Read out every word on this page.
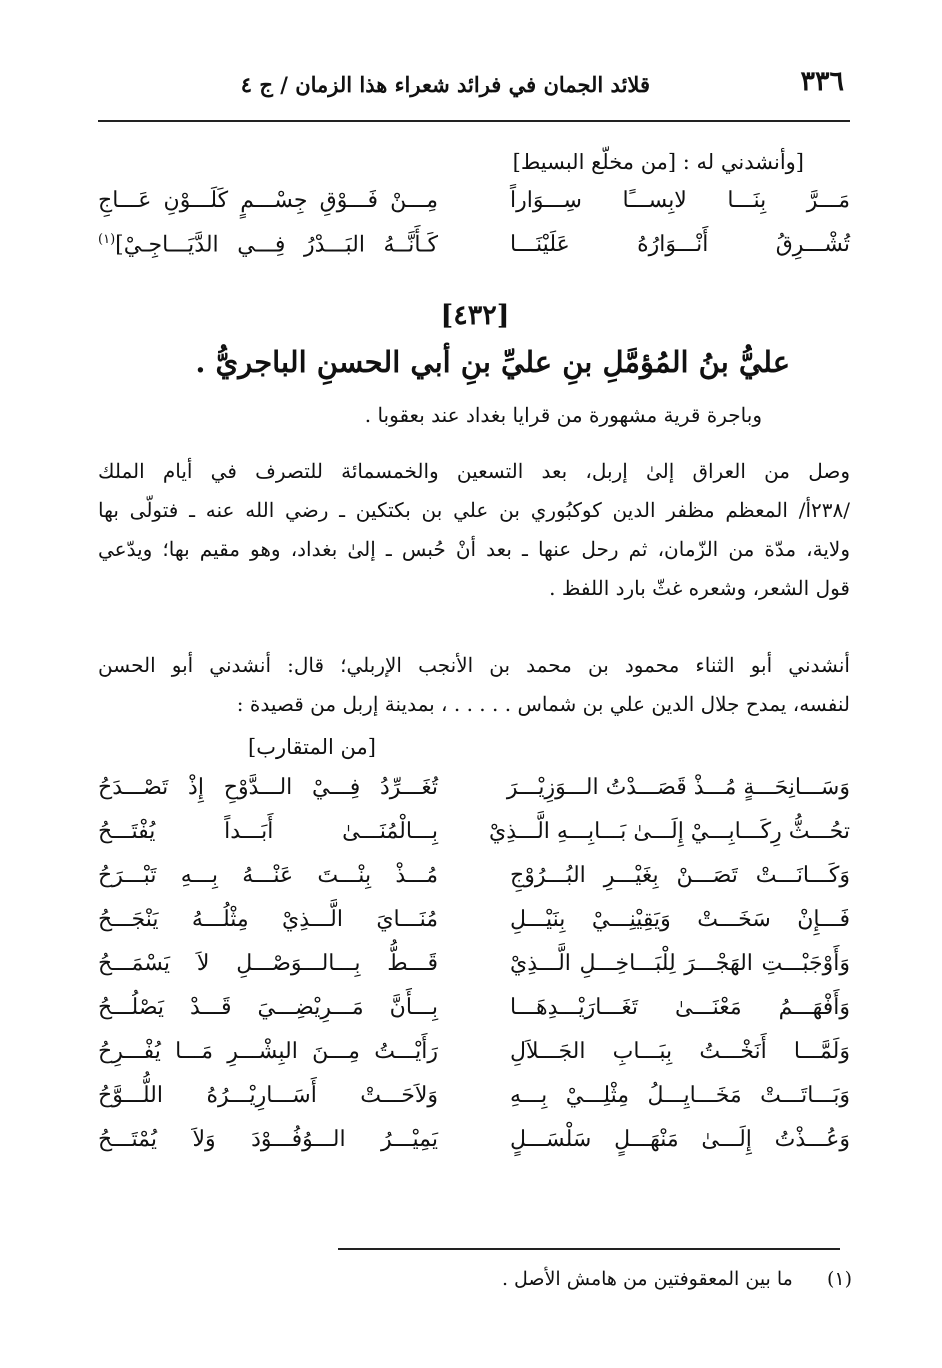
٣٣٦
قلائد الجمان في فرائد شعراء هذا الزمان / ج ٤
[وأنشدني له : [من مخلّع البسيط]
مَـــرَّ بِنَـــا لابِســـًا سِـــوَاراً
مِـــنْ فَـــوْقِ جِسْـــمٍ كَلَـــوْنِ عَـــاجِ
تُشْـــرِقُ أَنْـــوَارُهُ عَلَيْنَـــا
كَـأَنَّــهُ البَـــدْرُ فِـــي الدَّيَـــاجِـيْ]$^{(١)}$
[٤٣٢]
عليُّ بنُ المُؤمَّلِ بنِ عليِّ بنِ أبي الحسنِ الباجريُّ .
وباجرة قرية مشهورة من قرايا بغداد عند بعقوبا .
وصل من العراق إلىٰ إربل، بعد التسعين والخمسمائة للتصرف في أيام الملك
/٢٣٨أ/ المعظم مظفر الدين كوكبُوري بن علي بن بكتكين ـ رضي الله عنه ـ فتولّى بها
ولاية، مدّة من الزّمان، ثم رحل عنها ـ بعد أنْ حُبس ـ إلىٰ بغداد، وهو مقيم بها؛ ويدّعي
قول الشعر، وشعره غثّ بارد اللفظ .
أنشدني أبو الثناء محمود بن محمد بن الأنجب الإربلي؛ قال: أنشدني أبو الحسن
لنفسه، يمدح جلال الدين علي بن شماس . . . . . ، بمدينة إربل من قصيدة :
[من المتقارب]
وَسَـــانِحَـــةٍ مُـــذْ قَصَـــدْتُ الـــوَزِيْـــرَ
تُغَـــرِّدُ فِـــيْ الـــدَّوْحِ إِذْ تَصْـــدَحُ
تحُـــثُّ رِكَـــابِـــيْ إِلَـــىٰ بَـــابِـــهِ الَّـــذِيْ
بِـــالْمُنَـــىٰ أَبَـــداً يُفْتَـــحُ
وَكَـــانَـــتْ تَصَـــنْ بِغَيْـــرِ البُـــرُوْجِ
مُـــذْ بِنْـــتَ عَنْـــهُ بِـــهِ تَبْـــرَحُ
فَـــإِنْ سَخَـــتْ وَيَقِيْنِـــيْ بِنَيْـــلِ
مُنَـــايَ الَّـــذِيْ مِثْلُـــهُ يَنْجَـــحُ
وَأَوْجَبْـــتِ الهَجْـــرَ لِلْبَـــاخِـــلِ الَّـــذِيْ
قَـــطُّ بِـــالـــوَصْـــلِ لاَ يَسْمَـــحُ
وَأَفْهَـــمُ مَعْنَـــىٰ تَغَـــارَيْـــدِهَـــا
بِـــأَنَّ مَـــرِيْضِـــيَ قَـــدْ يَصْلُـــحُ
وَلَمَّـــا أَنَخْـــتُ بِبَـــابِ الجَـــلاَلِ
رَأَيْـــتُ مِـــنَ البِشْـــرِ مَـــا يُفْـــرِحُ
وَبَـــاتَـــتْ مَخَـــايِـــلُ مِثْلِـــيْ بِـــهِ
وَلاَحَـــتْ أَسَـــارِيْـــرُهُ اللُّـــوَّحُ
وَعُـــذْتُ إِلَـــىٰ مَنْهَـــلٍ سَلْسَـــلٍ
يَمِيْـــرُ الـــوُفُـــوْدَ وَلاَ يُمْتَـــحُ
(١)  ما بين المعقوفتين من هامش الأصل .
